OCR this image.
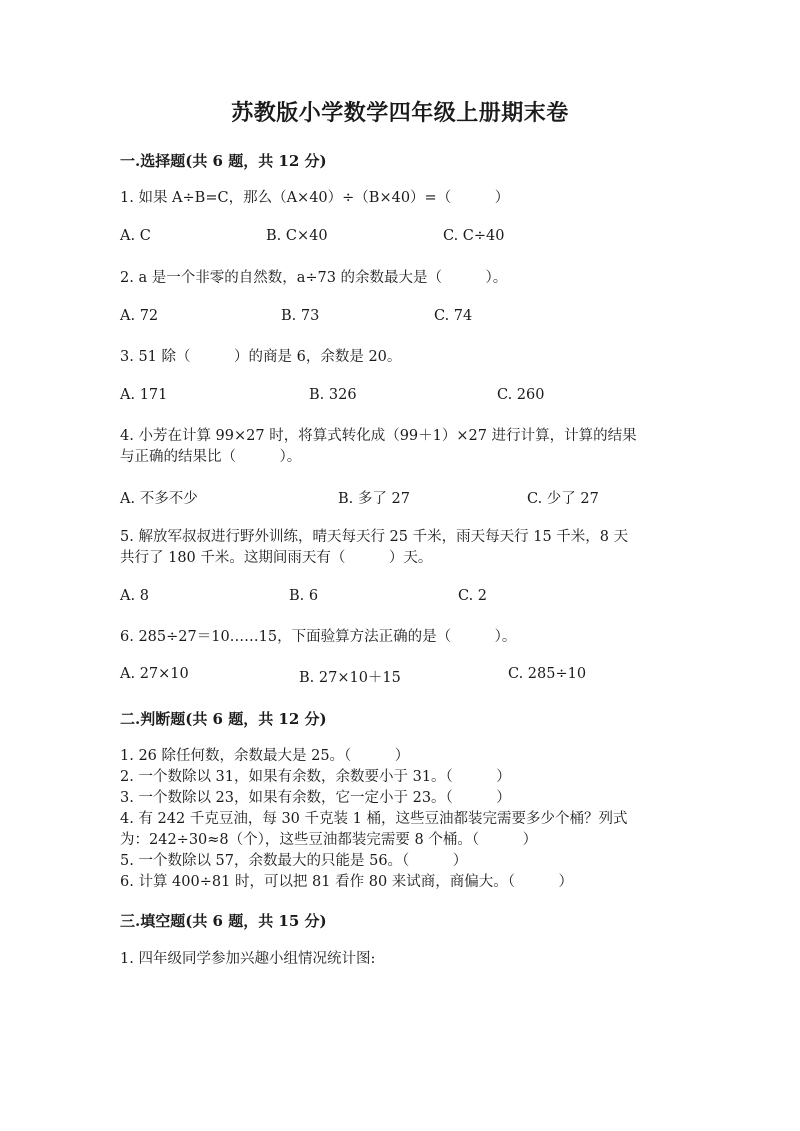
苏教版小学数学四年级上册期末卷
一.选择题(共 6 题，共 12 分)
1. 如果 A÷B=C，那么（A×40）÷（B×40）=（　　　）
A. C	B. C×40	C. C÷40
2. a 是一个非零的自然数，a÷73 的余数最大是（　　　）。
A. 72	B. 73	C. 74
3. 51 除（　　　）的商是 6，余数是 20。
A. 171	B. 326	C. 260
4. 小芳在计算 99×27 时，将算式转化成（99＋1）×27 进行计算，计算的结果
与正确的结果比（　　　）。
A. 不多不少	B. 多了 27	C. 少了 27
5. 解放军叔叔进行野外训练，晴天每天行 25 千米，雨天每天行 15 千米，8 天
共行了 180 千米。这期间雨天有（　　　）天。
A. 8	B. 6	C. 2
6. 285÷27＝10……15，下面验算方法正确的是（　　　）。
A. 27×10	B. 27×10＋15	C. 285÷10
二.判断题(共 6 题，共 12 分)
1. 26 除任何数，余数最大是 25。（　　　）
2. 一个数除以 31，如果有余数，余数要小于 31。（　　　）
3. 一个数除以 23，如果有余数，它一定小于 23。（　　　）
4. 有 242 千克豆油，每 30 千克装 1 桶，这些豆油都装完需要多少个桶？列式
为：242÷30≈8（个），这些豆油都装完需要 8 个桶。（　　　）
5. 一个数除以 57，余数最大的只能是 56。（　　　）
6. 计算 400÷81 时，可以把 81 看作 80 来试商，商偏大。（　　　）
三.填空题(共 6 题，共 15 分)
1. 四年级同学参加兴趣小组情况统计图:
